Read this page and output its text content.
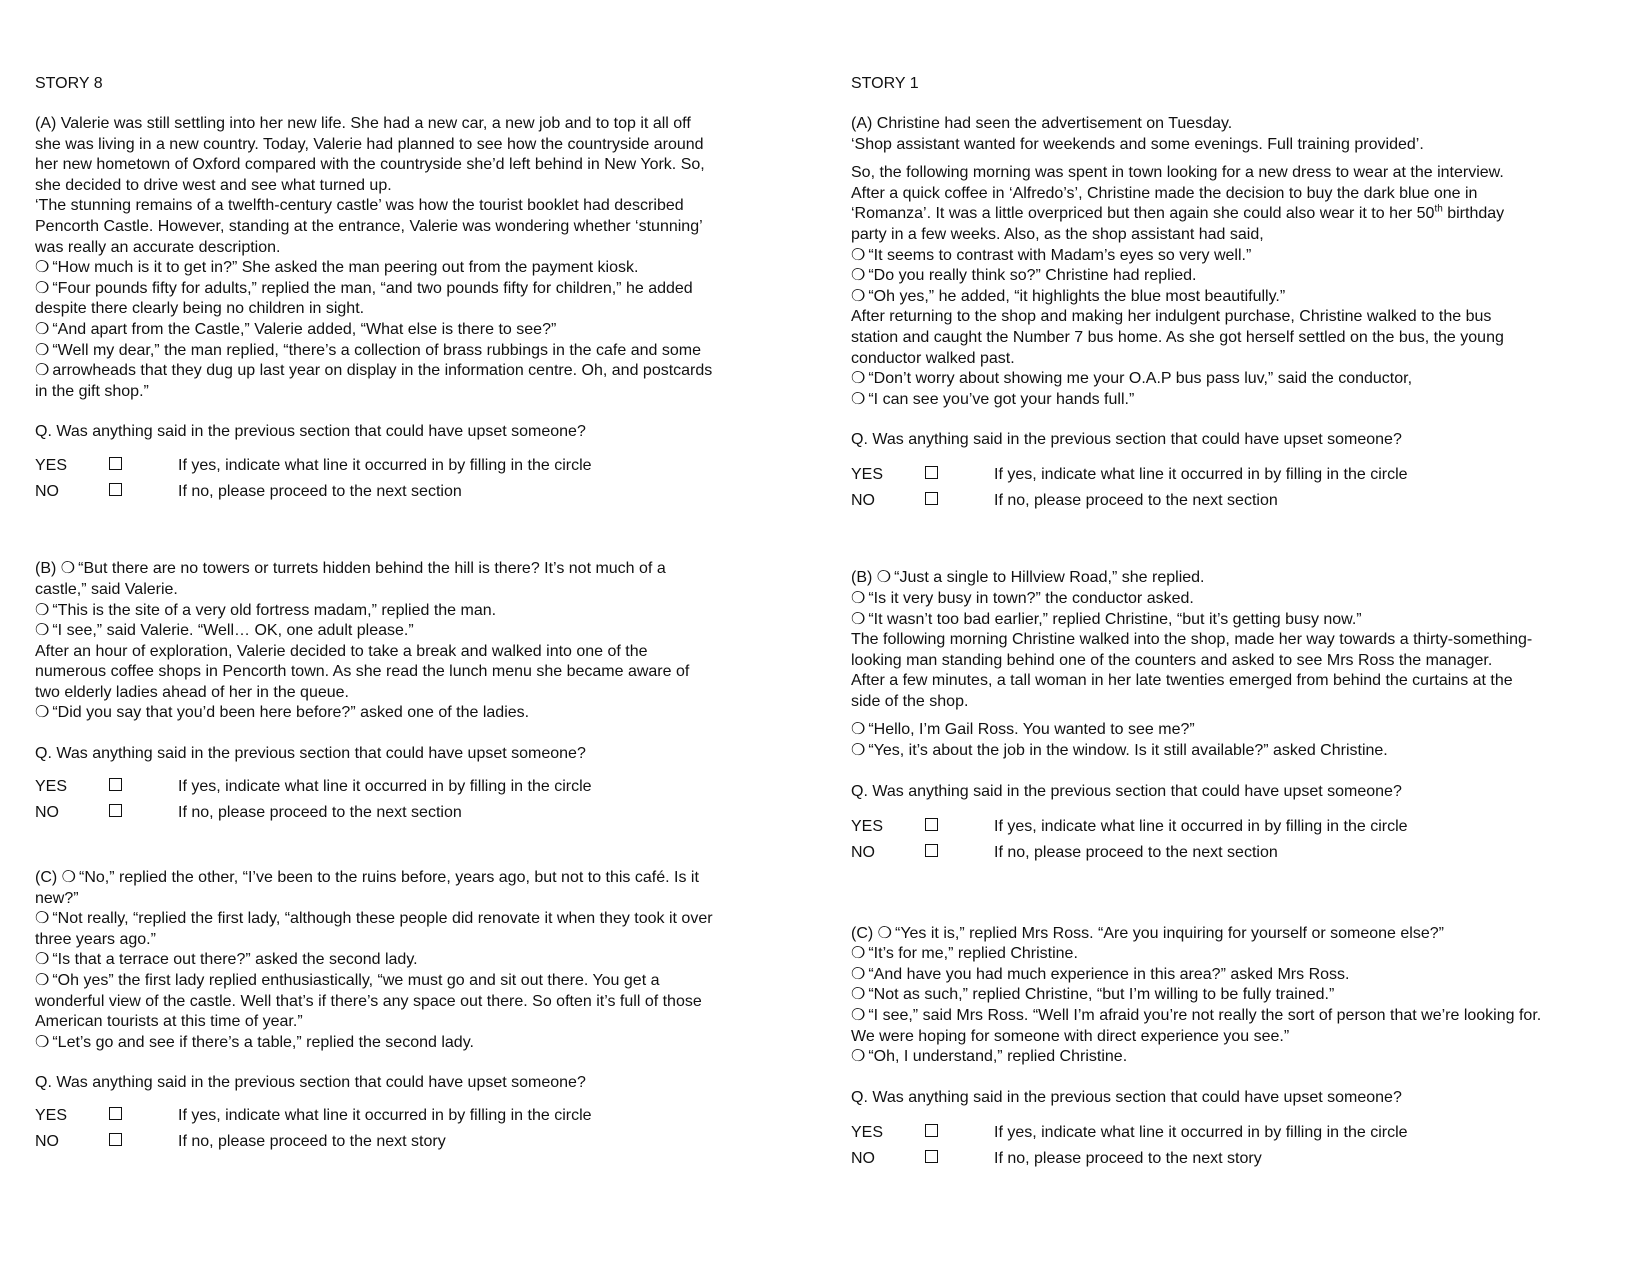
STORY 8
(A) Valerie was still settling into her new life. She had a new car, a new job and to top it all off
she was living in a new country. Today, Valerie had planned to see how the countryside around
her new hometown of Oxford compared with the countryside she’d left behind in New York. So,
she decided to drive west and see what turned up.
‘The stunning remains of a twelfth-century castle’ was how the tourist booklet had described
Pencorth Castle. However, standing at the entrance, Valerie was wondering whether ‘stunning’
was really an accurate description.
❍ “How much is it to get in?” She asked the man peering out from the payment kiosk.
❍ “Four pounds fifty for adults,” replied the man, “and two pounds fifty for children,” he added
despite there clearly being no children in sight.
❍ “And apart from the Castle,” Valerie added, “What else is there to see?”
❍ “Well my dear,” the man replied, “there’s a collection of brass rubbings in the cafe and some
❍ arrowheads that they dug up last year on display in the information centre. Oh, and postcards
in the gift shop.”
Q. Was anything said in the previous section that could have upset someone?
YES	If yes, indicate what line it occurred in by filling in the circle
NO	If no, please proceed to the next section
(B) ❍ “But there are no towers or turrets hidden behind the hill is there? It’s not much of a
castle,” said Valerie.
❍ “This is the site of a very old fortress madam,” replied the man.
❍ “I see,” said Valerie. “Well… OK, one adult please.”
After an hour of exploration, Valerie decided to take a break and walked into one of the
numerous coffee shops in Pencorth town. As she read the lunch menu she became aware of
two elderly ladies ahead of her in the queue.
❍ “Did you say that you’d been here before?” asked one of the ladies.
Q. Was anything said in the previous section that could have upset someone?
YES	If yes, indicate what line it occurred in by filling in the circle
NO	If no, please proceed to the next section
(C) ❍ “No,” replied the other, “I’ve been to the ruins before, years ago, but not to this café. Is it
new?”
❍ “Not really, “replied the first lady, “although these people did renovate it when they took it over
three years ago.”
❍ “Is that a terrace out there?” asked the second lady.
❍ “Oh yes” the first lady replied enthusiastically, “we must go and sit out there. You get a
wonderful view of the castle. Well that’s if there’s any space out there. So often it’s full of those
American tourists at this time of year.”
❍ “Let’s go and see if there’s a table,” replied the second lady.
Q. Was anything said in the previous section that could have upset someone?
YES	If yes, indicate what line it occurred in by filling in the circle
NO	If no, please proceed to the next story
STORY 1
(A) Christine had seen the advertisement on Tuesday.
‘Shop assistant wanted for weekends and some evenings. Full training provided’.
So, the following morning was spent in town looking for a new dress to wear at the interview.
After a quick coffee in ‘Alfredo’s’, Christine made the decision to buy the dark blue one in
‘Romanza’. It was a little overpriced but then again she could also wear it to her 50th birthday
party in a few weeks. Also, as the shop assistant had said,
❍ “It seems to contrast with Madam’s eyes so very well.”
❍ “Do you really think so?” Christine had replied.
❍ “Oh yes,” he added, “it highlights the blue most beautifully.”
After returning to the shop and making her indulgent purchase, Christine walked to the bus
station and caught the Number 7 bus home. As she got herself settled on the bus, the young
conductor walked past.
❍ “Don’t worry about showing me your O.A.P bus pass luv,” said the conductor,
❍ “I can see you’ve got your hands full.”
Q. Was anything said in the previous section that could have upset someone?
YES	If yes, indicate what line it occurred in by filling in the circle
NO	If no, please proceed to the next section
(B) ❍ “Just a single to Hillview Road,” she replied.
❍ “Is it very busy in town?” the conductor asked.
❍ “It wasn’t too bad earlier,” replied Christine, “but it’s getting busy now.”
The following morning Christine walked into the shop, made her way towards a thirty-something-
looking man standing behind one of the counters and asked to see Mrs Ross the manager.
After a few minutes, a tall woman in her late twenties emerged from behind the curtains at the
side of the shop.
❍ “Hello, I’m Gail Ross. You wanted to see me?”
❍ “Yes, it’s about the job in the window. Is it still available?” asked Christine.
Q. Was anything said in the previous section that could have upset someone?
YES	If yes, indicate what line it occurred in by filling in the circle
NO	If no, please proceed to the next section
(C) ❍ “Yes it is,” replied Mrs Ross. “Are you inquiring for yourself or someone else?”
❍ “It’s for me,” replied Christine.
❍ “And have you had much experience in this area?” asked Mrs Ross.
❍ “Not as such,” replied Christine, “but I’m willing to be fully trained.”
❍ “I see,” said Mrs Ross. “Well I’m afraid you’re not really the sort of person that we’re looking for.
We were hoping for someone with direct experience you see.”
❍ “Oh, I understand,” replied Christine.
Q. Was anything said in the previous section that could have upset someone?
YES	If yes, indicate what line it occurred in by filling in the circle
NO	If no, please proceed to the next story
